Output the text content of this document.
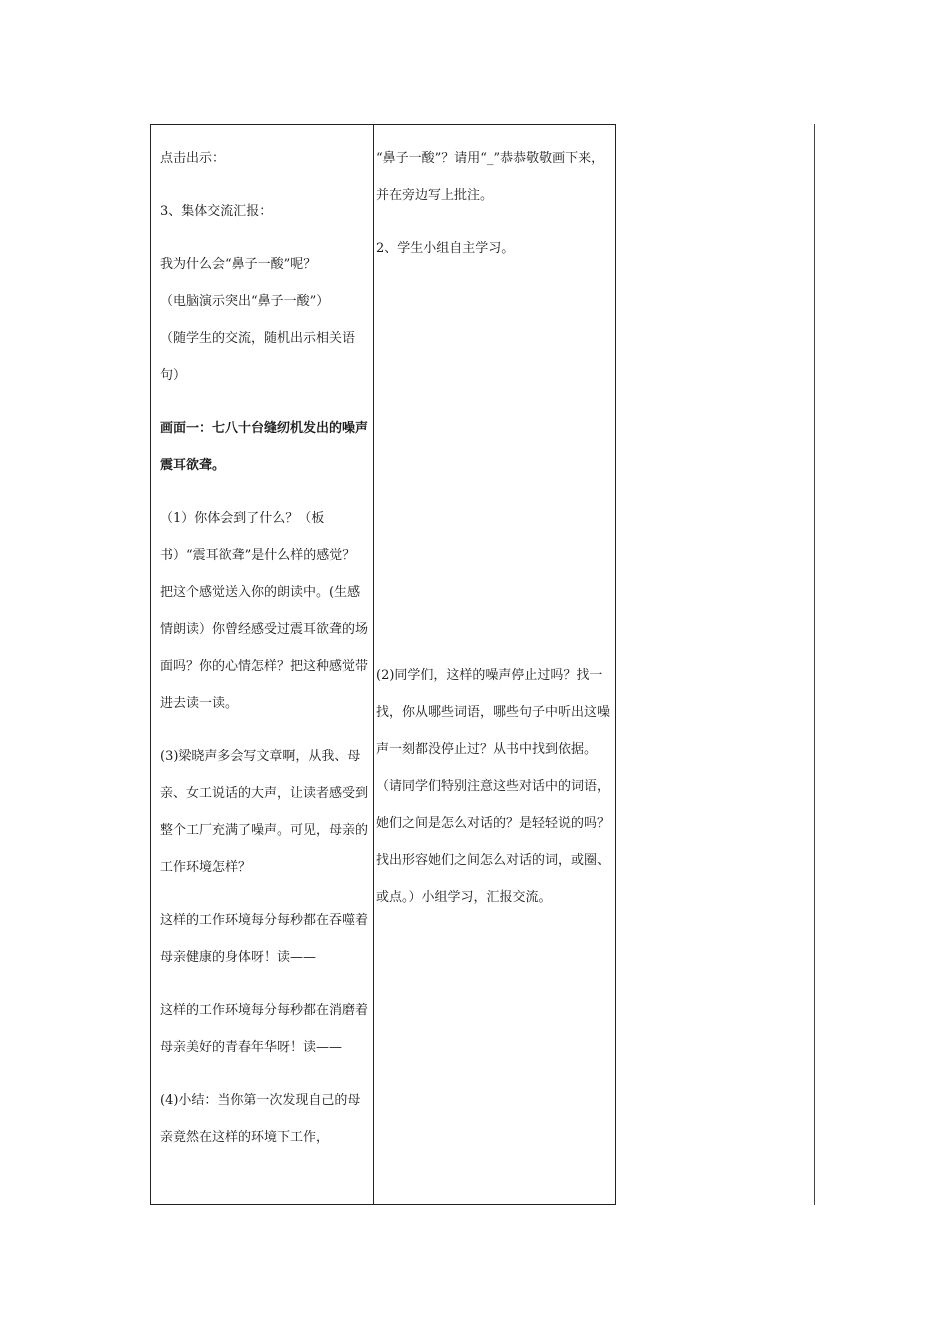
点击出示：

3、集体交流汇报：

我为什么会“鼻子一酸”呢？

（电脑演示突出“鼻子一酸”）

（随学生的交流，随机出示相关语句）

画面一：七八十台缝纫机发出的噪声震耳欲聋。

（1）你体会到了什么？（板书）“震耳欲聋”是什么样的感觉？把这个感觉送入你的朗读中。(生感情朗读）你曾经感受过震耳欲聋的场面吗？你的心情怎样？把这种感觉带进去读一读。

(3)梁晓声多会写文章啊，从我、母亲、女工说话的大声，让读者感受到整个工厂充满了噪声。可见，母亲的工作环境怎样？

这样的工作环境每分每秒都在吞噬着母亲健康的身体呀！读——

这样的工作环境每分每秒都在消磨着母亲美好的青春年华呀！读——

(4)小结：当你第一次发现自己的母亲竟然在这样的环境下工作，

“鼻子一酸”？请用“_”恭恭敬敬画下来，并在旁边写上批注。

2、学生小组自主学习。

(2)同学们，这样的噪声停止过吗？找一找，你从哪些词语，哪些句子中听出这噪声一刻都没停止过？从书中找到依据。（请同学们特别注意这些对话中的词语，她们之间是怎么对话的？是轻轻说的吗？找出形容她们之间怎么对话的词，或圈、或点。）小组学习，汇报交流。
